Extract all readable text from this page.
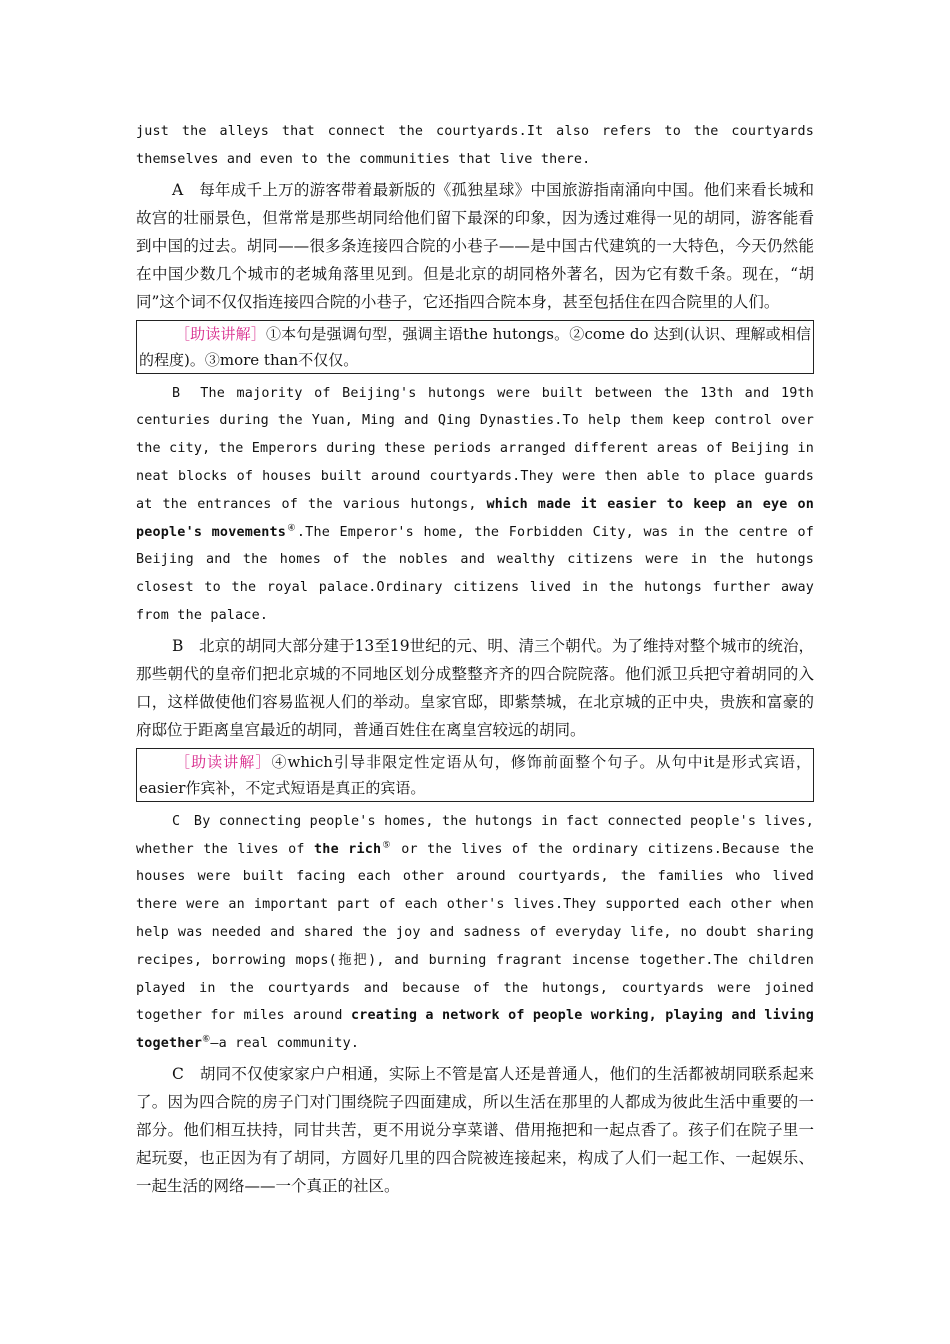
just the alleys that connect the courtyards.It also refers to the courtyards themselves and even to the communities that live there.

A　每年成千上万的游客带着最新版的《孤独星球》中国旅游指南涌向中国。他们来看长城和故宫的壮丽景色，但常常是那些胡同给他们留下最深的印象，因为透过难得一见的胡同，游客能看到中国的过去。胡同——很多条连接四合院的小巷子——是中国古代建筑的一大特色，今天仍然能在中国少数几个城市的老城角落里见到。但是北京的胡同格外著名，因为它有数千条。现在，“胡同”这个词不仅仅指连接四合院的小巷子，它还指四合院本身，甚至包括住在四合院里的人们。

［助读讲解］①本句是强调句型，强调主语the hutongs。②come do 达到(认识、理解或相信的程度)。③more than不仅仅。

B　The majority of Beijing's hutongs were built between the 13th and 19th centuries during the Yuan, Ming and Qing Dynasties.To help them keep control over the city, the Emperors during these periods arranged different areas of Beijing in neat blocks of houses built around courtyards.They were then able to place guards at the entrances of the various hutongs, which made it easier to keep an eye on people's movements④.The Emperor's home, the Forbidden City, was in the centre of Beijing and the homes of the nobles and wealthy citizens were in the hutongs closest to the royal palace.Ordinary citizens lived in the hutongs further away from the palace.

B　北京的胡同大部分建于13至19世纪的元、明、清三个朝代。为了维持对整个城市的统治，那些朝代的皇帝们把北京城的不同地区划分成整整齐齐的四合院院落。他们派卫兵把守着胡同的入口，这样做使他们容易监视人们的举动。皇家官邸，即紫禁城，在北京城的正中央，贵族和富豪的府邸位于距离皇宫最近的胡同，普通百姓住在离皇宫较远的胡同。

［助读讲解］④which引导非限定性定语从句，修饰前面整个句子。从句中it是形式宾语，easier作宾补，不定式短语是真正的宾语。

C　By connecting people's homes, the hutongs in fact connected people's lives, whether the lives of the rich⑤ or the lives of the ordinary citizens.Because the houses were built facing each other around courtyards, the families who lived there were an important part of each other's lives.They supported each other when help was needed and shared the joy and sadness of everyday life, no doubt sharing recipes, borrowing mops(拖把), and burning fragrant incense together.The children played in the courtyards and because of the hutongs, courtyards were joined together for miles around creating a network of people working, playing and living together⑥—a real community.

C　胡同不仅使家家户户相通，实际上不管是富人还是普通人，他们的生活都被胡同联系起来了。因为四合院的房子门对门围绕院子四面建成，所以生活在那里的人都成为彼此生活中重要的一部分。他们相互扶持，同甘共苦，更不用说分享菜谱、借用拖把和一起点香了。孩子们在院子里一起玩耍，也正因为有了胡同，方圆好几里的四合院被连接起来，构成了人们一起工作、一起娱乐、一起生活的网络——一个真正的社区。
